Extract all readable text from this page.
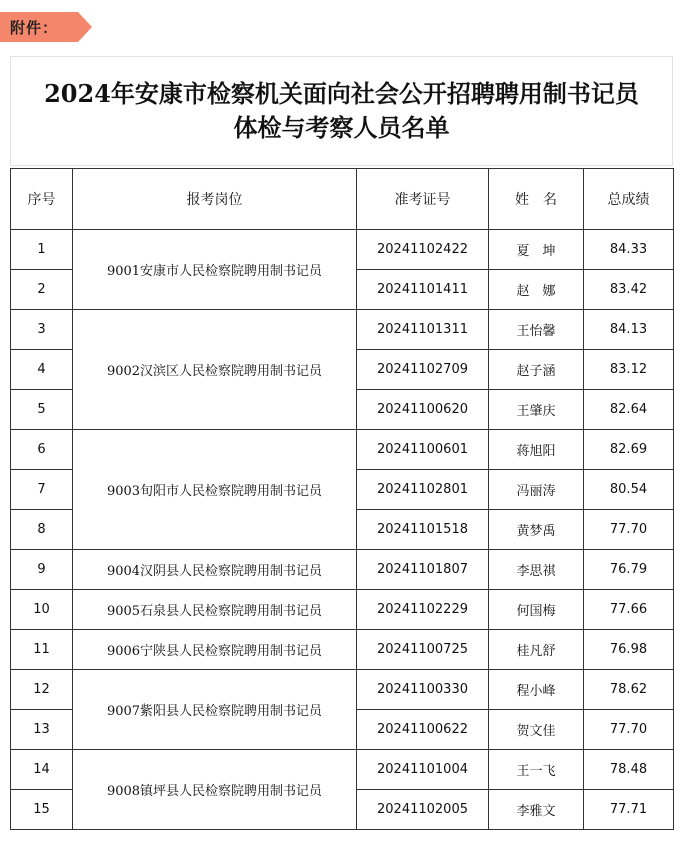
附件：
2024年安康市检察机关面向社会公开招聘聘用制书记员
体检与考察人员名单
序号	报考岗位	准考证号	姓　名	总成绩
1	9001安康市人民检察院聘用制书记员	20241102422	夏　坤	84.33
2		20241101411	赵　娜	83.42
3	9002汉滨区人民检察院聘用制书记员	20241101311	王怡馨	84.13
4		20241102709	赵子涵	83.12
5		20241100620	王肇庆	82.64
6	9003旬阳市人民检察院聘用制书记员	20241100601	蒋旭阳	82.69
7		20241102801	冯丽涛	80.54
8		20241101518	黄梦禹	77.70
9	9004汉阴县人民检察院聘用制书记员	20241101807	李思祺	76.79
10	9005石泉县人民检察院聘用制书记员	20241102229	何国梅	77.66
11	9006宁陕县人民检察院聘用制书记员	20241100725	桂凡舒	76.98
12	9007紫阳县人民检察院聘用制书记员	20241100330	程小峰	78.62
13		20241100622	贺文佳	77.70
14	9008镇坪县人民检察院聘用制书记员	20241101004	王一飞	78.48
15		20241102005	李雅文	77.71
